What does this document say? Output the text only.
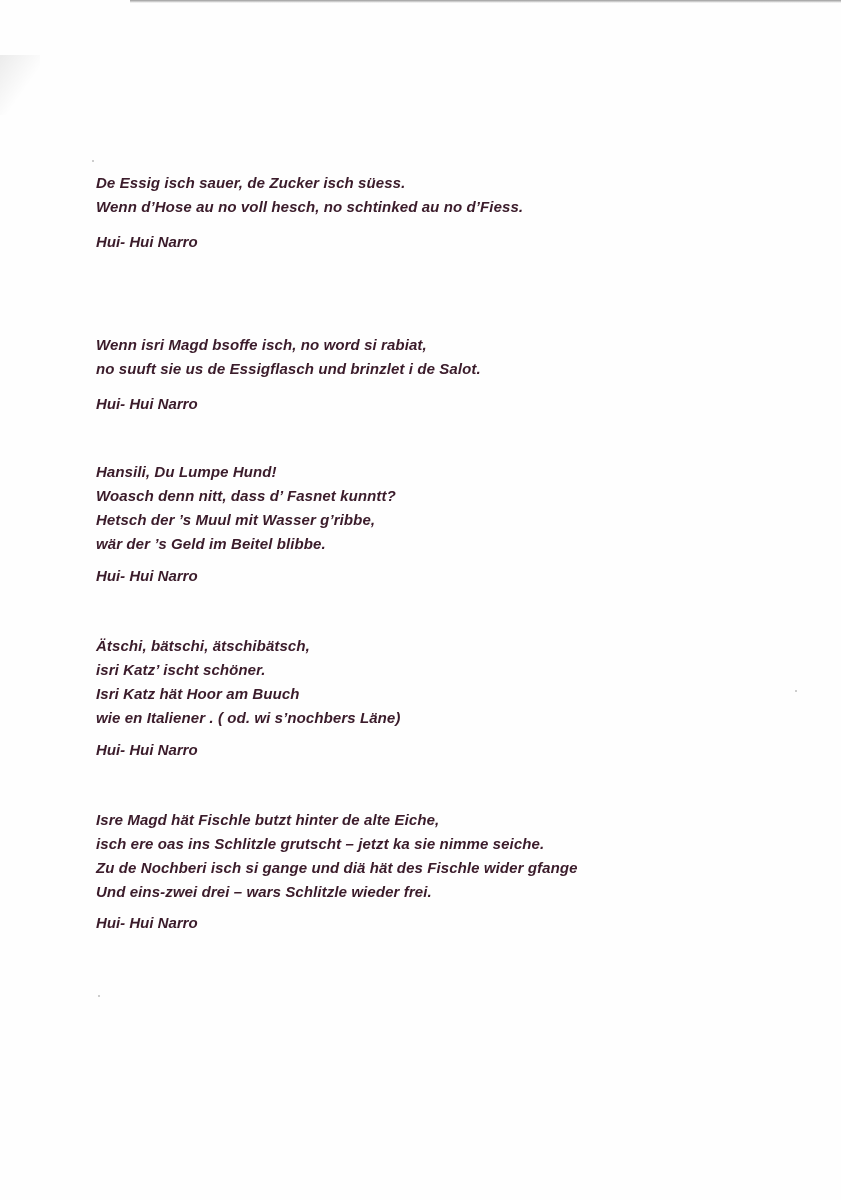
De Essig isch sauer, de Zucker isch süess.
Wenn d’Hose au no voll hesch, no schtinked au no d’Fiess.
Hui- Hui Narro
Wenn isri Magd bsoffe isch, no word si rabiat,
no suuft sie us de Essigflasch und brinzlet i de Salot.
Hui- Hui Narro
Hansili, Du Lumpe Hund!
Woasch denn nitt, dass d’ Fasnet kunntt?
Hetsch der ’s Muul mit Wasser g’ribbe,
wär der ’s Geld im Beitel blibbe.
Hui- Hui Narro
Ätschi, bätschi, ätschibätsch,
isri Katz’ ischt schöner.
Isri Katz hät Hoor am Buuch
wie en Italiener . ( od. wi s’nochbers Läne)
Hui- Hui Narro
Isre Magd hät Fischle butzt hinter de alte Eiche,
isch ere oas ins Schlitzle grutscht – jetzt ka sie nimme seiche.
Zu de Nochberi isch si gange und diä hät des Fischle wider gfange
Und eins-zwei drei – wars Schlitzle wieder frei.
Hui- Hui Narro
